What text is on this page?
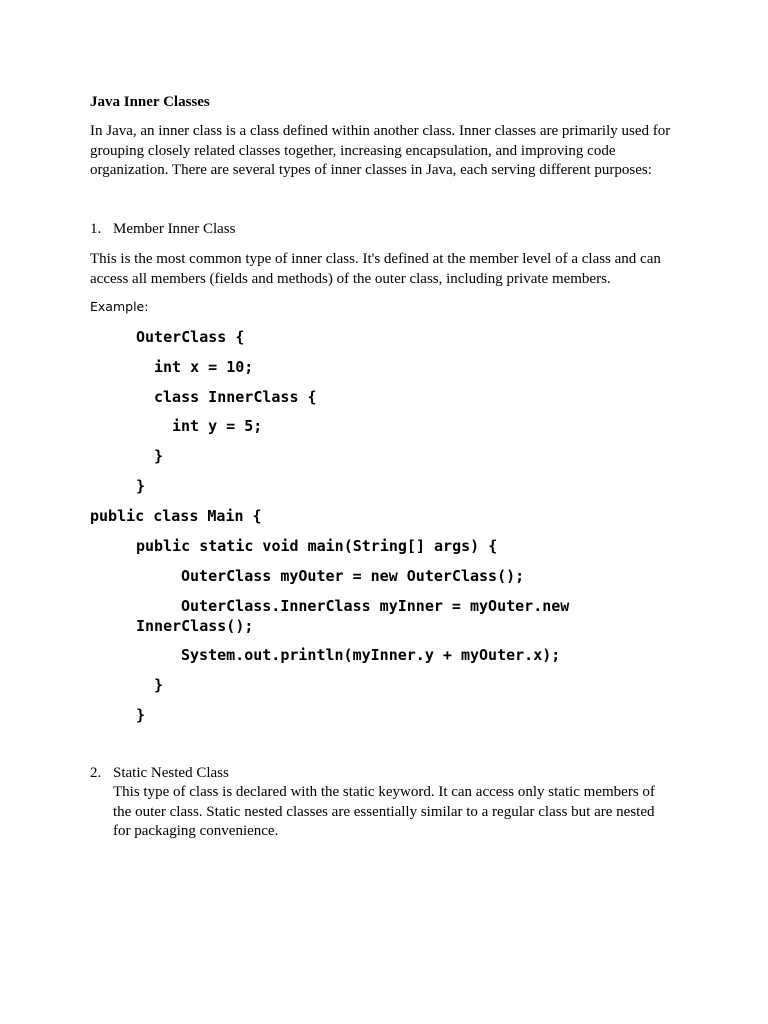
Java Inner Classes
In Java, an inner class is a class defined within another class. Inner classes are primarily used for grouping closely related classes together, increasing encapsulation, and improving code organization. There are several types of inner classes in Java, each serving different purposes:
1. Member Inner Class
This is the most common type of inner class. It's defined at the member level of a class and can access all members (fields and methods) of the outer class, including private members.
Example:
OuterClass {
int x = 10;
class InnerClass {
int y = 5;
}
}
public class Main {
public static void main(String[] args) {
OuterClass myOuter = new OuterClass();
OuterClass.InnerClass myInner = myOuter.new
InnerClass();
System.out.println(myInner.y + myOuter.x);
}
}
2. Static Nested Class
This type of class is declared with the static keyword. It can access only static members of the outer class. Static nested classes are essentially similar to a regular class but are nested for packaging convenience.
